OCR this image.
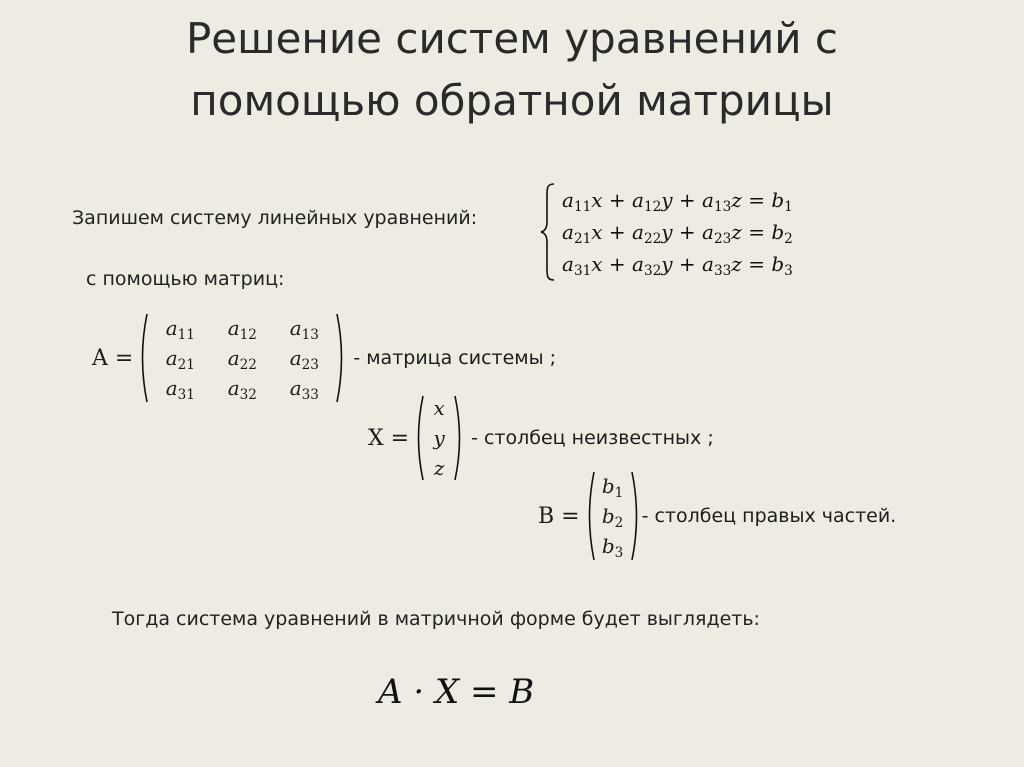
Решение систем уравнений с
помощью обратной матрицы
Запишем систему линейных уравнений:
с помощью матриц:
$a_{11}x + a_{12}y + a_{13}z = b_1$
$a_{21}x + a_{22}y + a_{23}z = b_2$
$a_{31}x + a_{32}y + a_{33}z = b_3$
A =
$a_{11}$	$a_{12}$	$a_{13}$
$a_{21}$	$a_{22}$	$a_{23}$
$a_{31}$	$a_{32}$	$a_{33}$
- матрица системы ;
X =
x
y
z
- столбец неизвестных ;
B =
$b_1$
$b_2$
$b_3$
- столбец правых частей.
Тогда система уравнений в матричной форме будет выглядеть:
A · X = B
